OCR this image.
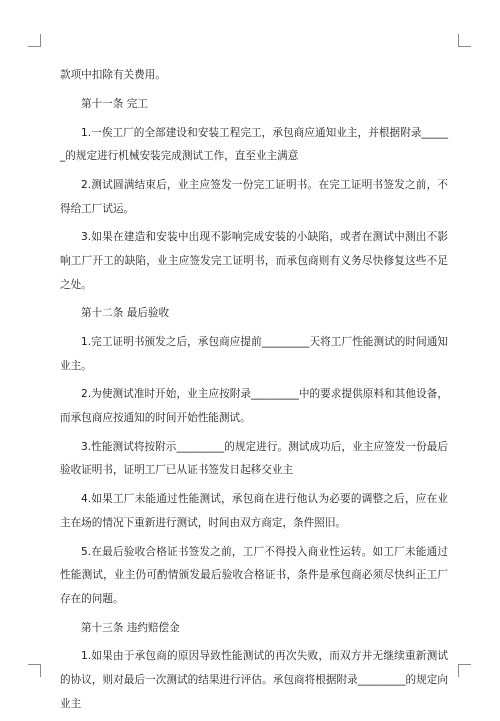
款项中扣除有关费用。

第十一条 完工

1.一俟工厂的全部建设和安装工程完工，承包商应通知业主，并根据附录______的规定进行机械安装完成测试工作，直至业主满意

2.测试圆满结束后，业主应签发一份完工证明书。在完工证明书签发之前，不得给工厂试运。

3.如果在建造和安装中出现不影响完成安装的小缺陷，或者在测试中测出不影响工厂开工的缺陷，业主应签发完工证明书，而承包商则有义务尽快修复这些不足之处。

第十二条 最后验收

1.完工证明书颁发之后，承包商应提前_________天将工厂性能测试的时间通知业主。

2.为使测试准时开始，业主应按附录_________中的要求提供原料和其他设备，而承包商应按通知的时间开始性能测试。

3.性能测试将按附示_________的规定进行。测试成功后，业主应签发一份最后验收证明书，证明工厂已从证书签发日起移交业主

4.如果工厂未能通过性能测试，承包商在进行他认为必要的调整之后，应在业主在场的情况下重新进行测试，时间由双方商定，条件照旧。

5.在最后验收合格证书签发之前，工厂不得投入商业性运转。如工厂未能通过性能测试，业主仍可酌情颁发最后验收合格证书，条件是承包商必须尽快纠正工厂存在的问题。

第十三条 违约赔偿金

1.如果由于承包商的原因导致性能测试的再次失败，而双方并无继续重新测试的协议，则对最后一次测试的结果进行评估。承包商将根据附录_________的规定向业主
